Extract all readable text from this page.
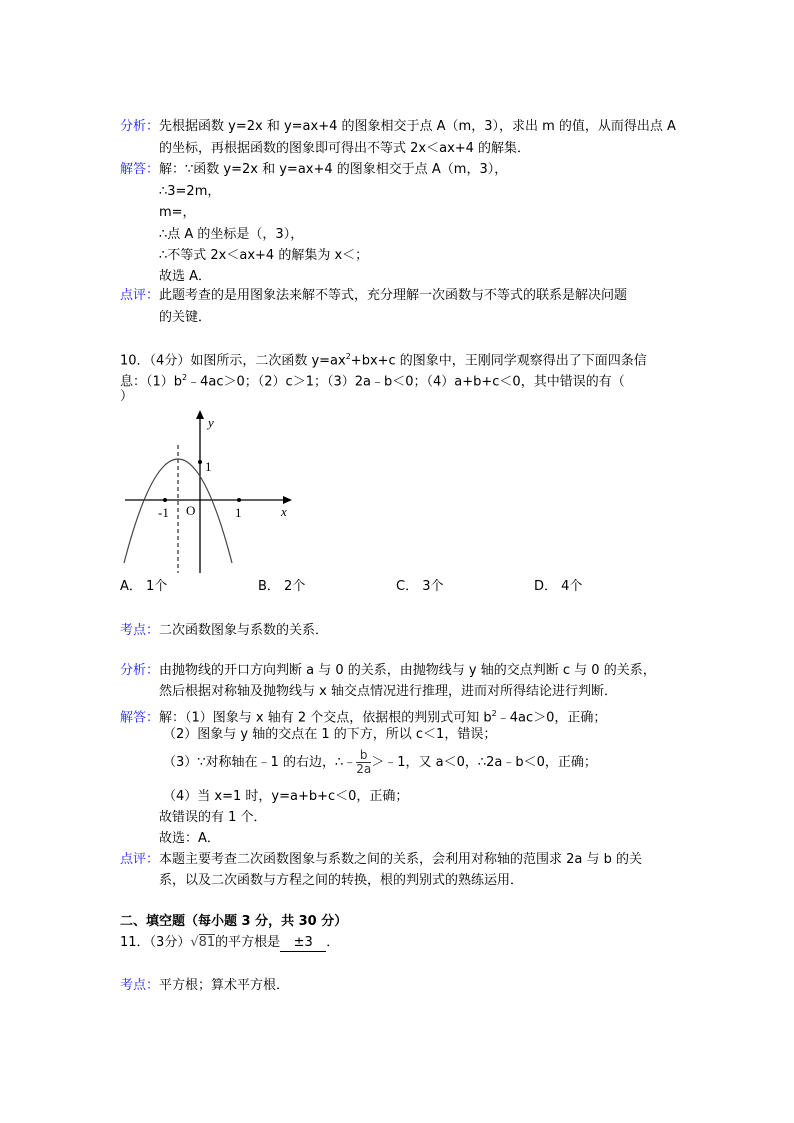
分析：先根据函数 y=2x 和 y=ax+4 的图象相交于点 A（m，3），求出 m 的值，从而得出点 A
的坐标，再根据函数的图象即可得出不等式 2x＜ax+4 的解集．
解答：解：∵函数 y=2x 和 y=ax+4 的图象相交于点 A（m，3），
∴3=2m，
m=，
∴点 A 的坐标是（，3），
∴不等式 2x＜ax+4 的解集为 x＜；
故选 A．
点评：此题考查的是用图象法来解不等式，充分理解一次函数与不等式的联系是解决问题
的关键．
10．（4分）如图所示，二次函数 $y=ax^2+bx+c$ 的图象中，王刚同学观察得出了下面四条信
息：$(1)b^2﹣4ac>0$；（2）c＞1；（3）2a﹣b＜0；（4）a+b+c＜0，其中错误的有（
）
y
x
O
-1	1
1
A． 1个	B． 2个	C． 3个	D． 4个
考点：二次函数图象与系数的关系．
分析：由抛物线的开口方向判断 a 与 0 的关系，由抛物线与 y 轴的交点判断 c 与 0 的关系，
然后根据对称轴及抛物线与 x 轴交点情况进行推理，进而对所得结论进行判断．
解答：解：（1）图象与 x 轴有 2 个交点，依据根的判别式可知 $b^2﹣4ac>0$，正确；
（2）图象与 y 轴的交点在 1 的下方，所以 c＜1，错误；
（3）∵对称轴在﹣1 的右边，∴﹣ $\frac{b}{2a}$ ＞﹣1，又 a＜0，∴2a﹣b＜0，正确；
（4）当 x=1 时，y=a+b+c＜0，正确；
故错误的有 1 个．
故选：A．
点评：本题主要考查二次函数图象与系数之间的关系，会利用对称轴的范围求 2a 与 b 的关
系，以及二次函数与方程之间的转换，根的判别式的熟练运用．
二、填空题（每小题 3 分，共 30 分）
11．（3分）√81的平方根是 ±3 ．
考点：平方根；算术平方根．
